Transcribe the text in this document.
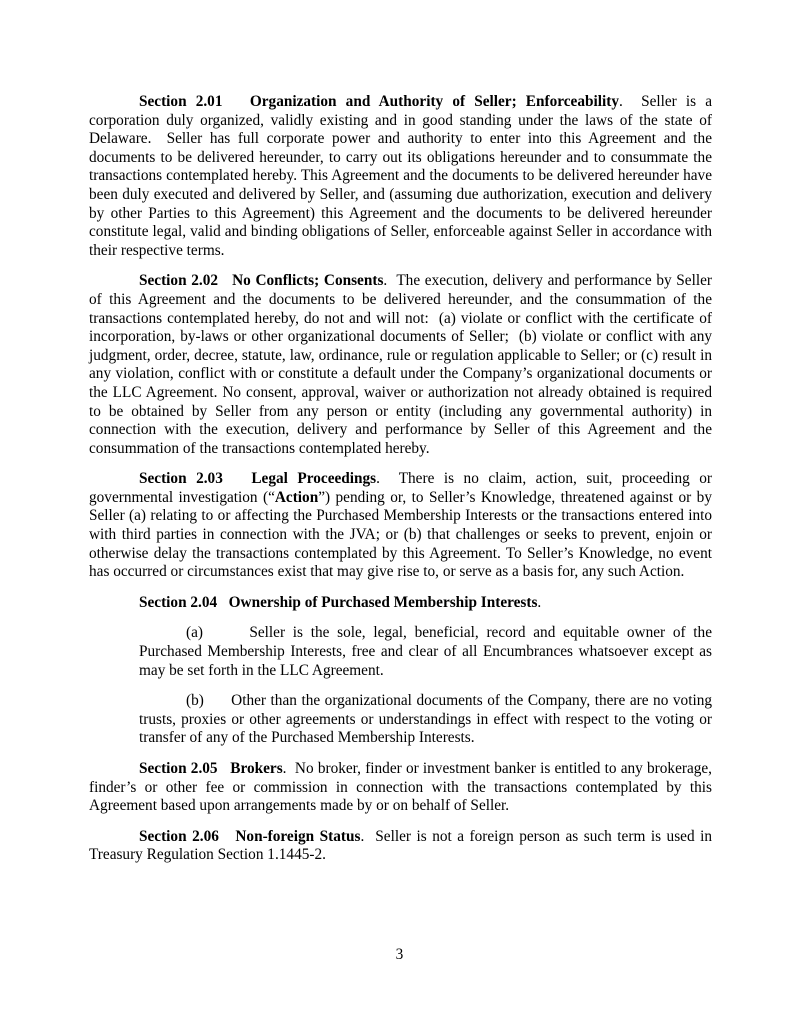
Section 2.01   Organization and Authority of Seller; Enforceability.  Seller is a corporation duly organized, validly existing and in good standing under the laws of the state of Delaware.  Seller has full corporate power and authority to enter into this Agreement and the documents to be delivered hereunder, to carry out its obligations hereunder and to consummate the transactions contemplated hereby. This Agreement and the documents to be delivered hereunder have been duly executed and delivered by Seller, and (assuming due authorization, execution and delivery by other Parties to this Agreement) this Agreement and the documents to be delivered hereunder constitute legal, valid and binding obligations of Seller, enforceable against Seller in accordance with their respective terms.

Section 2.02   No Conflicts; Consents.  The execution, delivery and performance by Seller of this Agreement and the documents to be delivered hereunder, and the consummation of the transactions contemplated hereby, do not and will not:  (a) violate or conflict with the certificate of incorporation, by-laws or other organizational documents of Seller;  (b) violate or conflict with any judgment, order, decree, statute, law, ordinance, rule or regulation applicable to Seller; or (c) result in any violation, conflict with or constitute a default under the Company’s organizational documents or the LLC Agreement. No consent, approval, waiver or authorization not already obtained is required to be obtained by Seller from any person or entity (including any governmental authority) in connection with the execution, delivery and performance by Seller of this Agreement and the consummation of the transactions contemplated hereby.

Section 2.03   Legal Proceedings.  There is no claim, action, suit, proceeding or governmental investigation (“Action”) pending or, to Seller’s Knowledge, threatened against or by Seller (a) relating to or affecting the Purchased Membership Interests or the transactions entered into with third parties in connection with the JVA; or (b) that challenges or seeks to prevent, enjoin or otherwise delay the transactions contemplated by this Agreement. To Seller’s Knowledge, no event has occurred or circumstances exist that may give rise to, or serve as a basis for, any such Action.

Section 2.04   Ownership of Purchased Membership Interests.

(a)      Seller is the sole, legal, beneficial, record and equitable owner of the Purchased Membership Interests, free and clear of all Encumbrances whatsoever except as may be set forth in the LLC Agreement.

(b)      Other than the organizational documents of the Company, there are no voting trusts, proxies or other agreements or understandings in effect with respect to the voting or transfer of any of the Purchased Membership Interests.

Section 2.05   Brokers.  No broker, finder or investment banker is entitled to any brokerage, finder’s or other fee or commission in connection with the transactions contemplated by this Agreement based upon arrangements made by or on behalf of Seller.

Section 2.06   Non-foreign Status.  Seller is not a foreign person as such term is used in Treasury Regulation Section 1.1445-2.

3
